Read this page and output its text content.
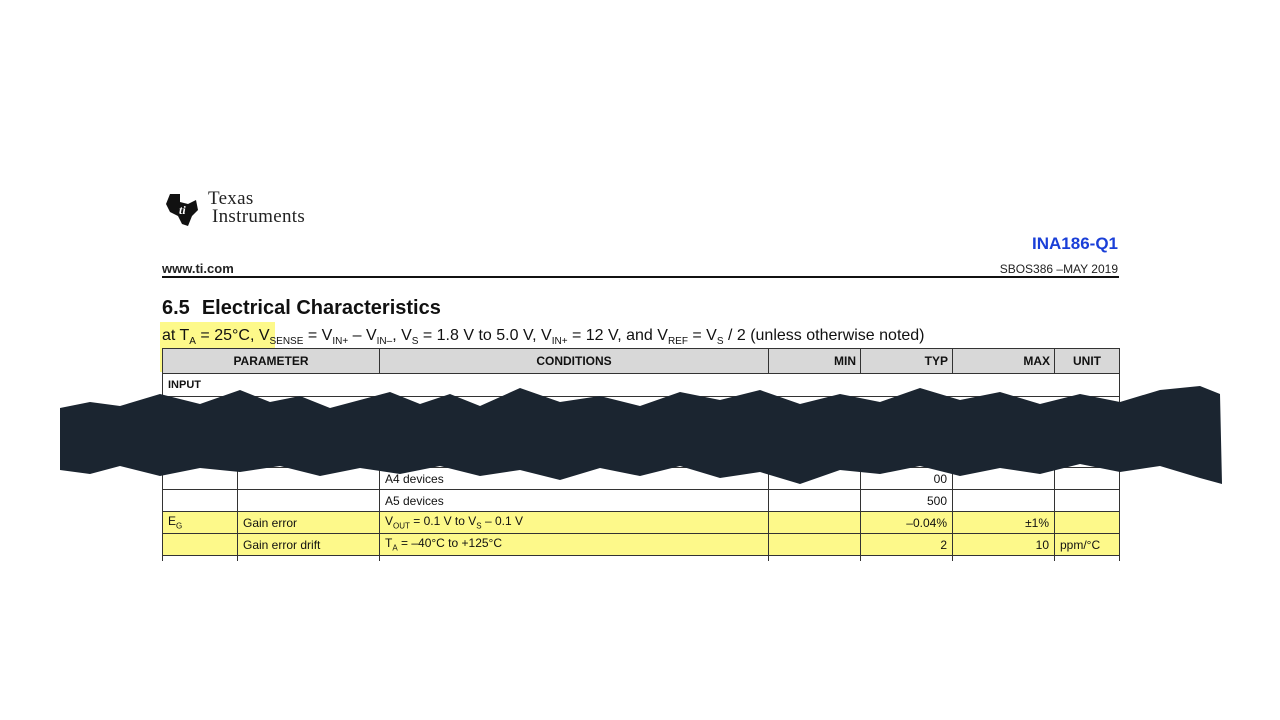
ti
Texas
Instruments
INA186-Q1
www.ti.com	SBOS386 –MAY 2019
6.5 Electrical Characteristics
at $T_A = 25^\circ C$, $V_{SENSE} = V_{IN+} - V_{IN-}$, $V_S = 1.8$ V to 5.0 V, $V_{IN+} = 12$ V, and $V_{REF} = V_S / 2$ (unless otherwise noted)
PARAMETER		CONDITIONS	MIN	TYP	MAX	UNIT
INPUT						

		A4 devices		00		
		A5 devices		500		
$E_G$	Gain error	$V_{OUT} = 0.1$ V to $V_S - 0.1$ V		–0.04%	±1%	
	Gain error drift	$T_A = -40^\circ C$ to +125°C		2	10	ppm/°C
